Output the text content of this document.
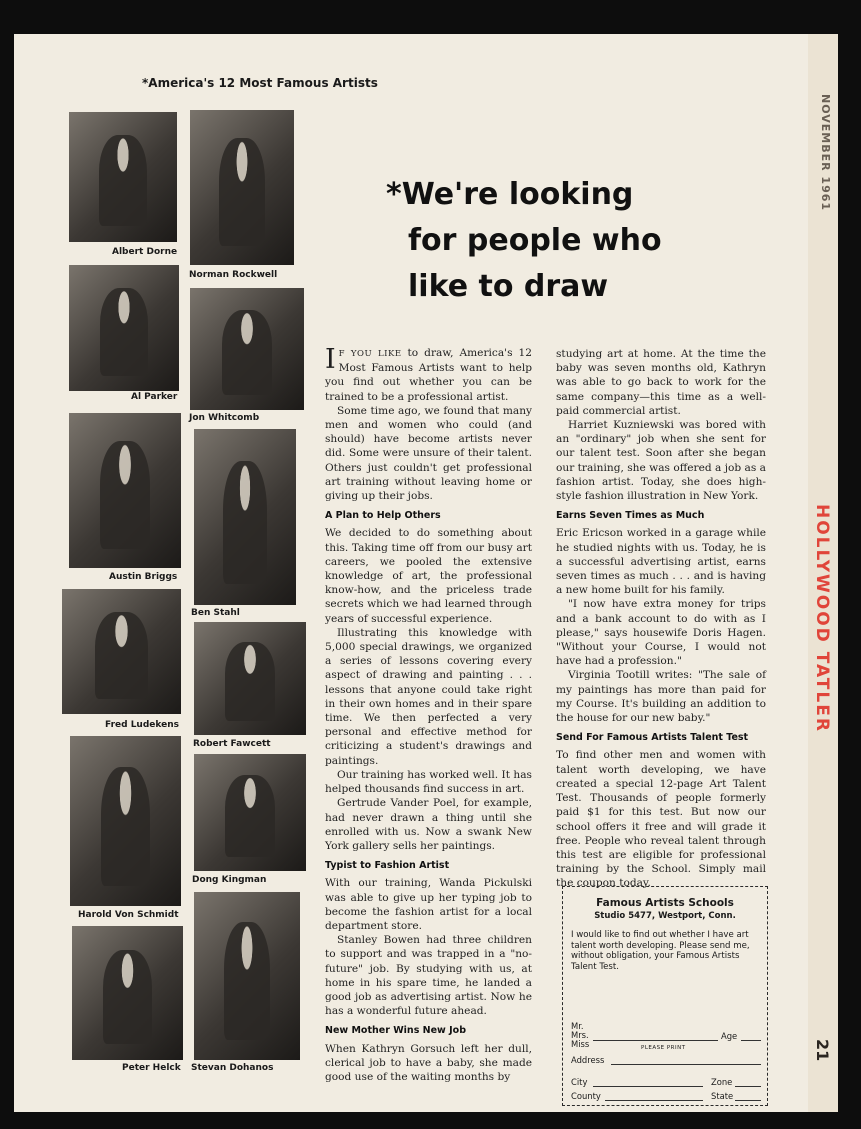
NOVEMBER 1961
HOLLYWOOD TATLER
21
*America's 12 Most Famous Artists
Albert Dorne
Norman Rockwell
Al Parker
Jon Whitcomb
Austin Briggs
Ben Stahl
Fred Ludekens
Robert Fawcett
Harold Von Schmidt
Dong Kingman
Peter Helck Stevan Dohanos
*We're looking
for people who
like to draw

IF YOU LIKE to draw, America's 12 Most Famous Artists want to help you find out whether you can be trained to be a professional artist.

Some time ago, we found that many men and women who could (and should) have become artists never did. Some were unsure of their talent. Others just couldn't get professional art training without leaving home or giving up their jobs.

A Plan to Help Others

We decided to do something about this. Taking time off from our busy art careers, we pooled the extensive knowledge of art, the professional know-how, and the priceless trade secrets which we had learned through years of successful experience.

Illustrating this knowledge with 5,000 special drawings, we organized a series of lessons covering every aspect of drawing and painting . . . lessons that anyone could take right in their own homes and in their spare time. We then perfected a very personal and effective method for criticizing a student's drawings and paintings.

Our training has worked well. It has helped thousands find success in art.

Gertrude Vander Poel, for example, had never drawn a thing until she enrolled with us. Now a swank New York gallery sells her paintings.

Typist to Fashion Artist

With our training, Wanda Pickulski was able to give up her typing job to become the fashion artist for a local department store.

Stanley Bowen had three children to support and was trapped in a "no-future" job. By studying with us, at home in his spare time, he landed a good job as advertising artist. Now he has a wonderful future ahead.

New Mother Wins New Job

When Kathryn Gorsuch left her dull, clerical job to have a baby, she made good use of the waiting months by

studying art at home. At the time the baby was seven months old, Kathryn was able to go back to work for the same company—this time as a well-paid commercial artist.

Harriet Kuzniewski was bored with an "ordinary" job when she sent for our talent test. Soon after she began our training, she was offered a job as a fashion artist. Today, she does high-style fashion illustration in New York.

Earns Seven Times as Much

Eric Ericson worked in a garage while he studied nights with us. Today, he is a successful advertising artist, earns seven times as much . . . and is having a new home built for his family.

"I now have extra money for trips and a bank account to do with as I please," says housewife Doris Hagen. "Without your Course, I would not have had a profession."

Virginia Tootill writes: "The sale of my paintings has more than paid for my Course. It's building an addition to the house for our new baby."

Send For Famous Artists Talent Test

To find other men and women with talent worth developing, we have created a special 12-page Art Talent Test. Thousands of people formerly paid $1 for this test. But now our school offers it free and will grade it free. People who reveal talent through this test are eligible for professional training by the School. Simply mail the coupon today.

Famous Artists Schools
Studio 5477, Westport, Conn.
I would like to find out whether I have art talent worth developing. Please send me, without obligation, your Famous Artists Talent Test.
Mr.
Mrs.
Miss
Age
PLEASE PRINT
Address
City	Zone
County	State
